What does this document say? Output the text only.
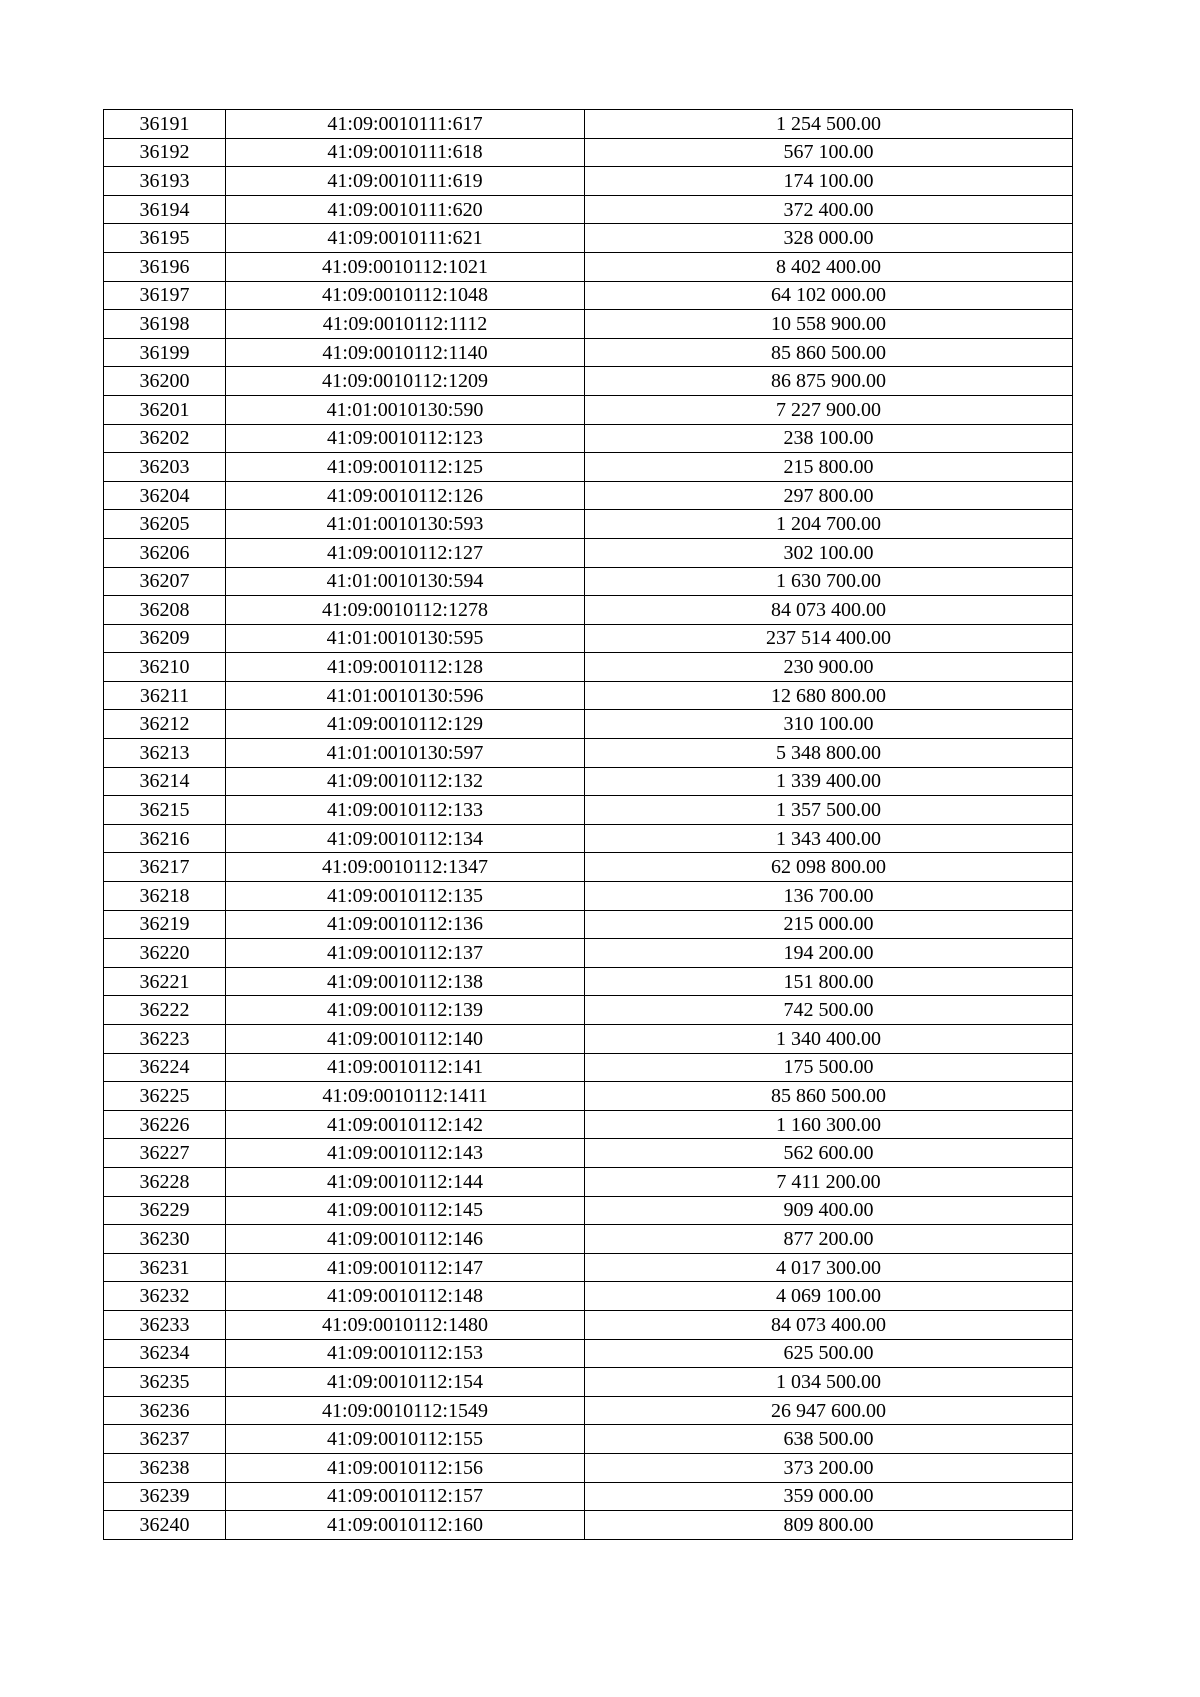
36191	41:09:0010111:617	1 254 500.00
36192	41:09:0010111:618	567 100.00
36193	41:09:0010111:619	174 100.00
36194	41:09:0010111:620	372 400.00
36195	41:09:0010111:621	328 000.00
36196	41:09:0010112:1021	8 402 400.00
36197	41:09:0010112:1048	64 102 000.00
36198	41:09:0010112:1112	10 558 900.00
36199	41:09:0010112:1140	85 860 500.00
36200	41:09:0010112:1209	86 875 900.00
36201	41:01:0010130:590	7 227 900.00
36202	41:09:0010112:123	238 100.00
36203	41:09:0010112:125	215 800.00
36204	41:09:0010112:126	297 800.00
36205	41:01:0010130:593	1 204 700.00
36206	41:09:0010112:127	302 100.00
36207	41:01:0010130:594	1 630 700.00
36208	41:09:0010112:1278	84 073 400.00
36209	41:01:0010130:595	237 514 400.00
36210	41:09:0010112:128	230 900.00
36211	41:01:0010130:596	12 680 800.00
36212	41:09:0010112:129	310 100.00
36213	41:01:0010130:597	5 348 800.00
36214	41:09:0010112:132	1 339 400.00
36215	41:09:0010112:133	1 357 500.00
36216	41:09:0010112:134	1 343 400.00
36217	41:09:0010112:1347	62 098 800.00
36218	41:09:0010112:135	136 700.00
36219	41:09:0010112:136	215 000.00
36220	41:09:0010112:137	194 200.00
36221	41:09:0010112:138	151 800.00
36222	41:09:0010112:139	742 500.00
36223	41:09:0010112:140	1 340 400.00
36224	41:09:0010112:141	175 500.00
36225	41:09:0010112:1411	85 860 500.00
36226	41:09:0010112:142	1 160 300.00
36227	41:09:0010112:143	562 600.00
36228	41:09:0010112:144	7 411 200.00
36229	41:09:0010112:145	909 400.00
36230	41:09:0010112:146	877 200.00
36231	41:09:0010112:147	4 017 300.00
36232	41:09:0010112:148	4 069 100.00
36233	41:09:0010112:1480	84 073 400.00
36234	41:09:0010112:153	625 500.00
36235	41:09:0010112:154	1 034 500.00
36236	41:09:0010112:1549	26 947 600.00
36237	41:09:0010112:155	638 500.00
36238	41:09:0010112:156	373 200.00
36239	41:09:0010112:157	359 000.00
36240	41:09:0010112:160	809 800.00
